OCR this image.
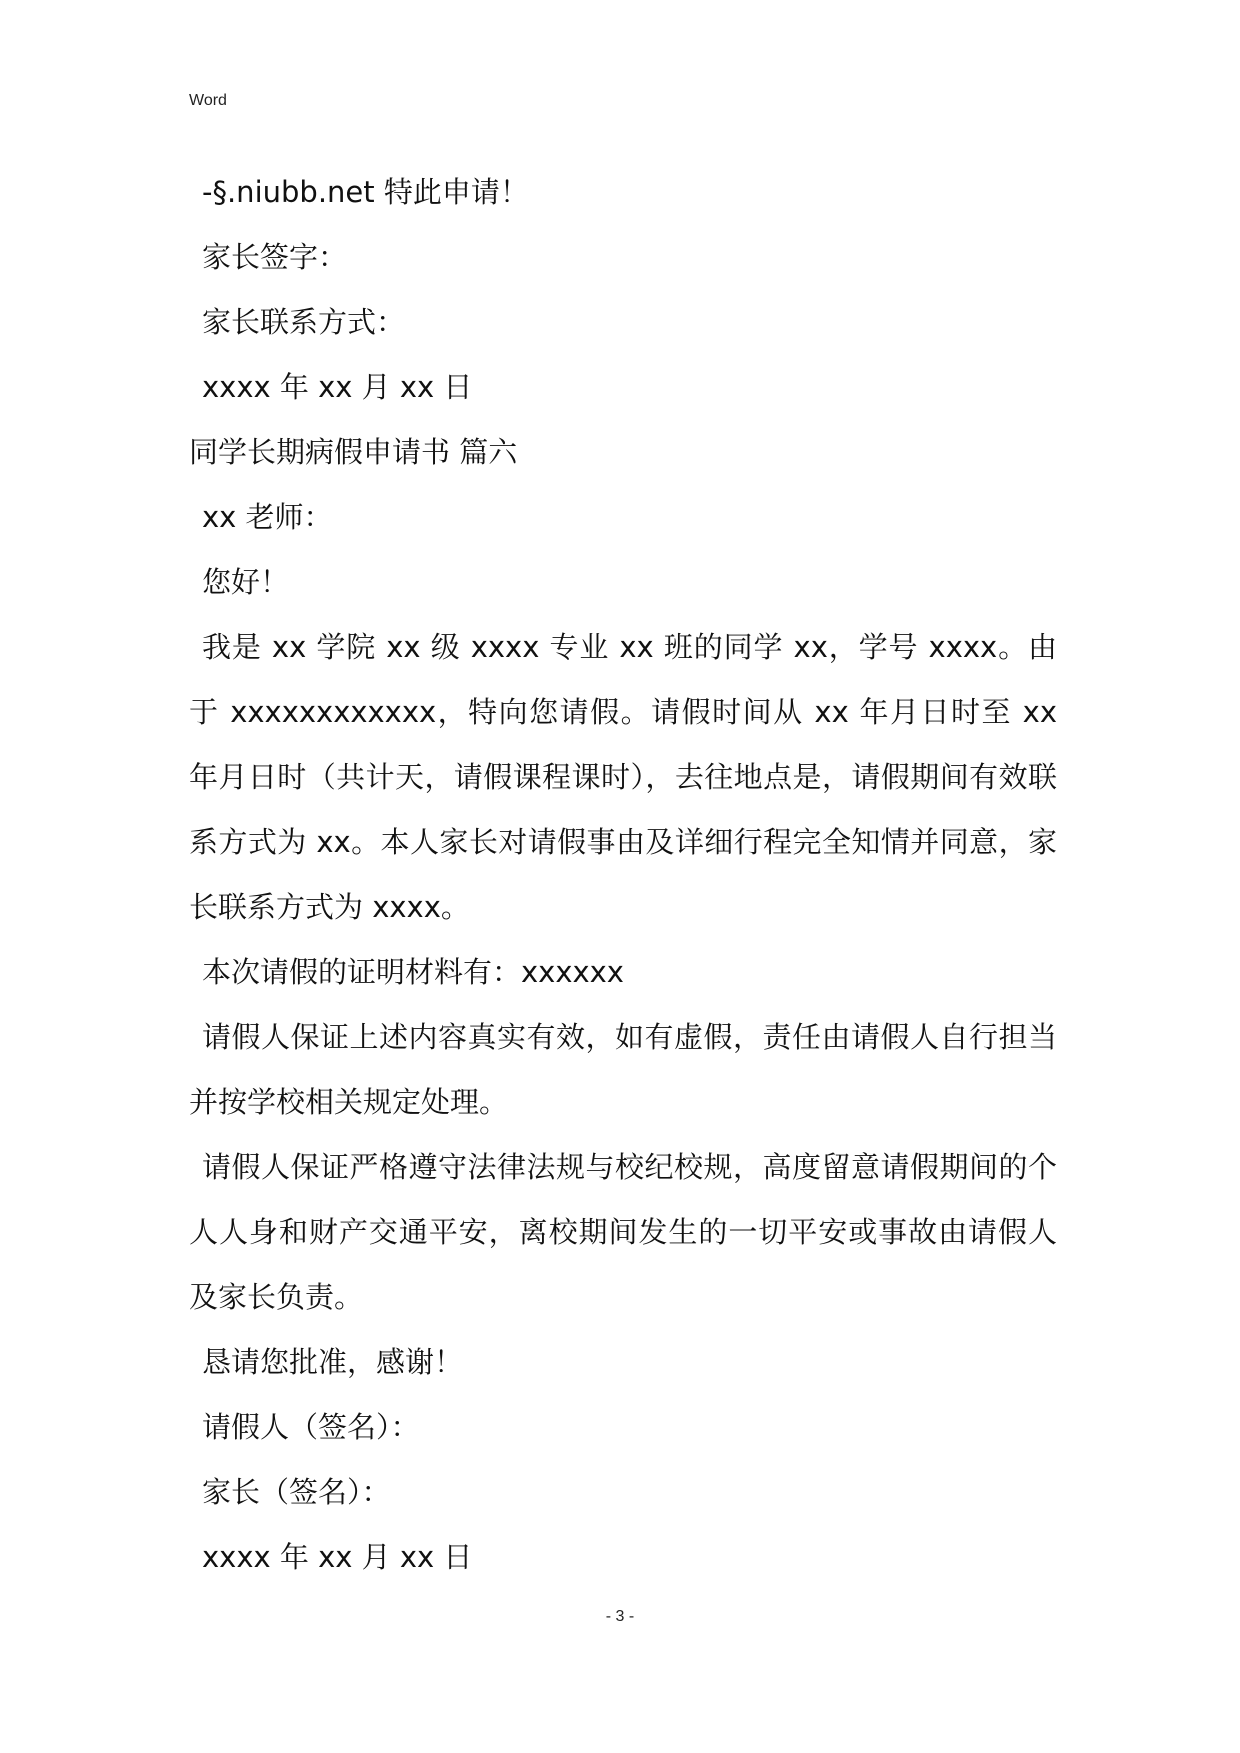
Word
-§.niubb.net 特此申请！
家长签字：
家长联系方式：
xxxx 年 xx 月 xx 日
同学长期病假申请书 篇六
xx 老师：
您好！
我是 xx 学院 xx 级 xxxx 专业 xx 班的同学 xx，学号 xxxx。由于 xxxxxxxxxxxx，特向您请假。请假时间从 xx 年月日时至 xx 年月日时（共计天，请假课程课时），去往地点是，请假期间有效联系方式为 xx。本人家长对请假事由及详细行程完全知情并同意，家长联系方式为 xxxx。
本次请假的证明材料有：xxxxxx
请假人保证上述内容真实有效，如有虚假，责任由请假人自行担当并按学校相关规定处理。
请假人保证严格遵守法律法规与校纪校规，高度留意请假期间的个人人身和财产交通平安，离校期间发生的一切平安或事故由请假人及家长负责。
恳请您批准，感谢！
请假人（签名）：
家长（签名）：
xxxx 年 xx 月 xx 日
- 3 -
